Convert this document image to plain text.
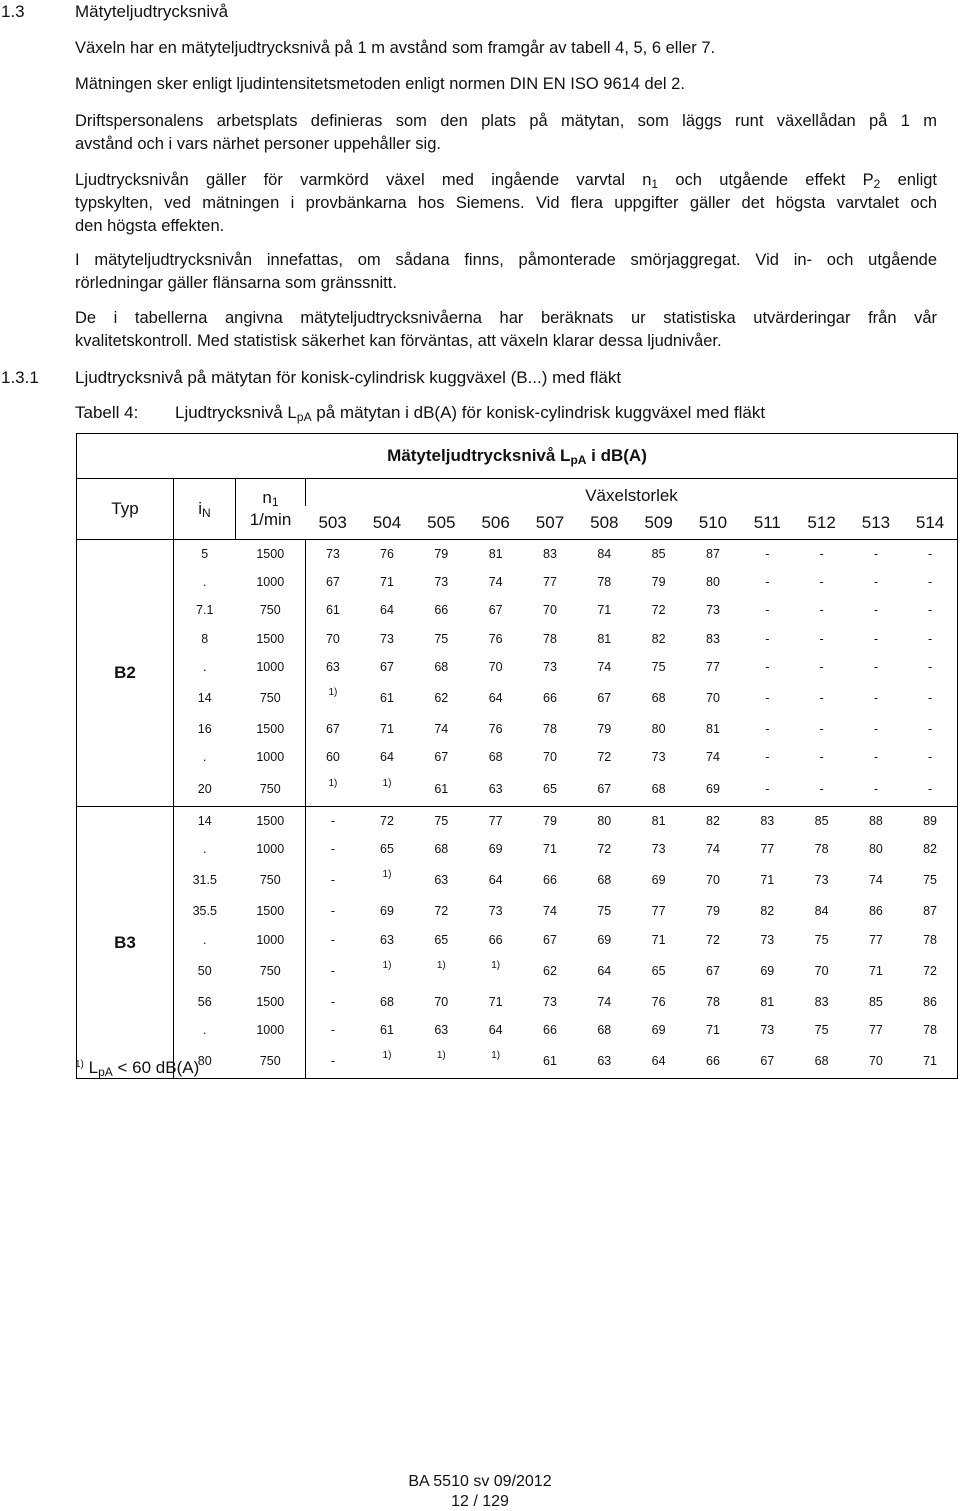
1.3	Mätyteljudtrycksnivå
Växeln har en mätyteljudtrycksnivå på 1 m avstånd som framgår av tabell 4, 5, 6 eller 7.
Mätningen sker enligt ljudintensitetsmetoden enligt normen DIN EN ISO 9614 del 2.
Driftspersonalens arbetsplats definieras som den plats på mätytan, som läggs runt växellådan på 1 m
avstånd och i vars närhet personer uppehåller sig.
Ljudtrycksnivån gäller för varmkörd växel med ingående varvtal $n_1$ och utgående effekt $P_2$ enligt
typskylten, ved mätningen i provbänkarna hos Siemens. Vid flera uppgifter gäller det högsta varvtalet och
den högsta effekten.
I mätyteljudtrycksnivån innefattas, om sådana finns, påmonterade smörjaggregat. Vid in- och utgående
rörledningar gäller flänsarna som gränssnitt.
De i tabellerna angivna mätyteljudtrycksnivåerna har beräknats ur statistiska utvärderingar från vår
kvalitetskontroll. Med statistisk säkerhet kan förväntas, att växeln klarar dessa ljudnivåer.
1.3.1 Ljudtrycksnivå på mätytan för konisk-cylindrisk kuggväxel (B...) med fläkt
Tabell 4: Ljudtrycksnivå $L_{pA}$ på mätytan i dB(A) för konisk-cylindrisk kuggväxel med fläkt
Mätyteljudtrycksnivå $L_{pA}$ i dB(A)														
Typ	$i_N$	$n_1$
1/min	Växelstorlek											
			503	504	505	506	507	508	509	510	511	512	513	514
B2	5	1500	73	76	79	81	83	84	85	87	-	-	-	-
	.	1000	67	71	73	74	77	78	79	80	-	-	-	-
	7.1	750	61	64	66	67	70	71	72	73	-	-	-	-
	8	1500	70	73	75	76	78	81	82	83	-	-	-	-
	.	1000	63	67	68	70	73	74	75	77	-	-	-	-
	14	750	1)	61	62	64	66	67	68	70	-	-	-	-
	16	1500	67	71	74	76	78	79	80	81	-	-	-	-
	.	1000	60	64	67	68	70	72	73	74	-	-	-	-
	20	750	1)	1)	61	63	65	67	68	69	-	-	-	-
B3	14	1500	-	72	75	77	79	80	81	82	83	85	88	89
	.	1000	-	65	68	69	71	72	73	74	77	78	80	82
	31.5	750	-	1)	63	64	66	68	69	70	71	73	74	75
	35.5	1500	-	69	72	73	74	75	77	79	82	84	86	87
	.	1000	-	63	65	66	67	69	71	72	73	75	77	78
	50	750	-	1)	1)	1)	62	64	65	67	69	70	71	72
	56	1500	-	68	70	71	73	74	76	78	81	83	85	86
	.	1000	-	61	63	64	66	68	69	71	73	75	77	78
	80	750	-	1)	1)	1)	61	63	64	66	67	68	70	71
$^{1)}$ $L_{pA} < 60$ dB(A)
BA 5510 sv 09/2012
12 / 129
